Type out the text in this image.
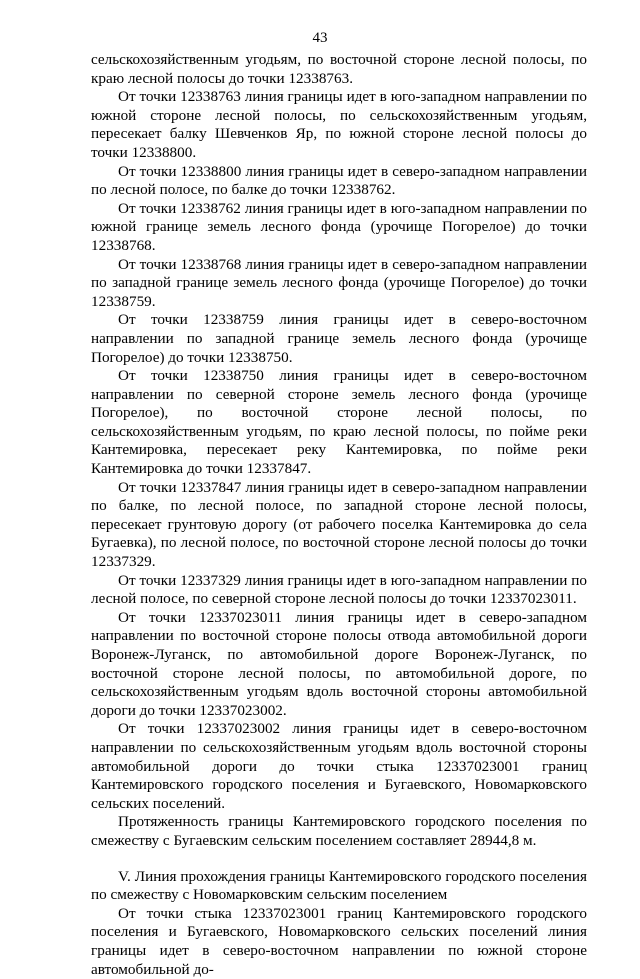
43

сельскохозяйственным угодьям, по восточной стороне лесной полосы, по краю лесной полосы до точки 12338763.

От точки 12338763 линия границы идет в юго-западном направлении по южной стороне лесной полосы, по сельскохозяйственным угодьям, пересекает балку Шевченков Яр, по южной стороне лесной полосы до точки 12338800.

От точки 12338800 линия границы идет в северо-западном направлении по лесной полосе, по балке до точки 12338762.

От точки 12338762 линия границы идет в юго-западном направлении по южной границе земель лесного фонда (урочище Погорелое) до точки 12338768.

От точки 12338768 линия границы идет в северо-западном направлении по западной границе земель лесного фонда (урочище Погорелое) до точки 12338759.

От точки 12338759 линия границы идет в северо-восточном направлении по западной границе земель лесного фонда (урочище Погорелое) до точки 12338750.

От точки 12338750 линия границы идет в северо-восточном направлении по северной стороне земель лесного фонда (урочище Погорелое), по восточной стороне лесной полосы, по сельскохозяйственным угодьям, по краю лесной полосы, по пойме реки Кантемировка, пересекает реку Кантемировка, по пойме реки Кантемировка до точки 12337847.

От точки 12337847 линия границы идет в северо-западном направлении по балке, по лесной полосе, по западной стороне лесной полосы, пересекает грунтовую дорогу (от рабочего поселка Кантемировка до села Бугаевка), по лесной полосе, по восточной стороне лесной полосы до точки 12337329.

От точки 12337329 линия границы идет в юго-западном направлении по лесной полосе, по северной стороне лесной полосы до точки 12337023011.

От точки 12337023011 линия границы идет в северо-западном направлении по восточной стороне полосы отвода автомобильной дороги Воронеж-Луганск, по автомобильной дороге Воронеж-Луганск, по восточной стороне лесной полосы, по автомобильной дороге, по сельскохозяйственным угодьям вдоль восточной стороны автомобильной дороги до точки 12337023002.

От точки 12337023002 линия границы идет в северо-восточном направлении по сельскохозяйственным угодьям вдоль восточной стороны автомобильной дороги до точки стыка 12337023001 границ Кантемировского городского поселения и Бугаевского, Новомарковского сельских поселений.

Протяженность границы Кантемировского городского поселения по смежеству с Бугаевским сельским поселением составляет 28944,8 м.

V. Линия прохождения границы Кантемировского городского поселения по смежеству с Новомарковским сельским поселением

От точки стыка 12337023001 границ Кантемировского городского поселения и Бугаевского, Новомарковского сельских поселений линия границы идет в северо-восточном направлении по южной стороне автомобильной до-
